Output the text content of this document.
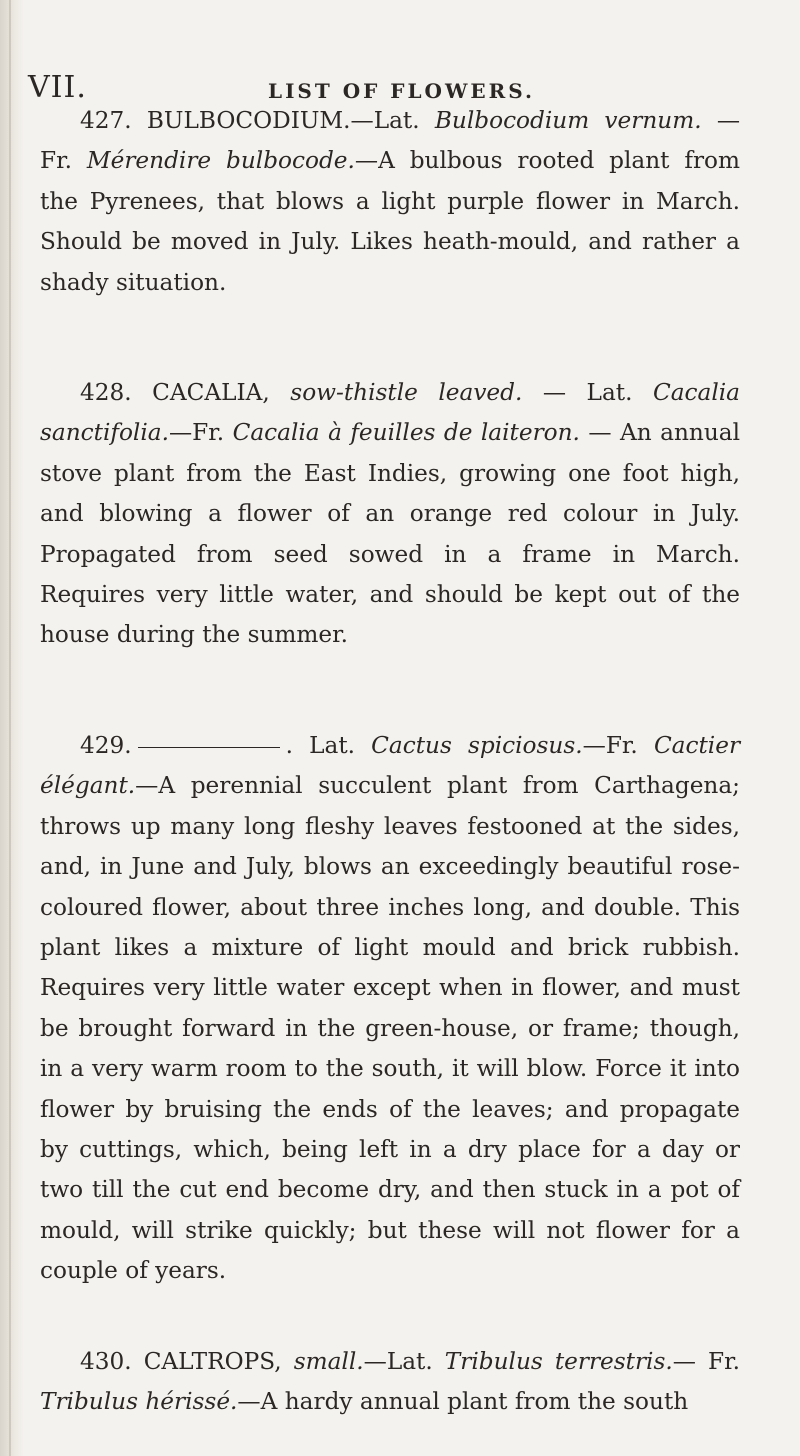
VII.	LIST OF FLOWERS.

427. BULBOCODIUM.—Lat. Bulbocodium vernum. —Fr. Mérendire bulbocode.—A bulbous rooted plant from the Pyrenees, that blows a light purple flower in March. Should be moved in July. Likes heath-mould, and rather a shady situation.

428. CACALIA, sow-thistle leaved. — Lat. Cacalia sanctifolia.—Fr. Cacalia à feuilles de laiteron. — An annual stove plant from the East Indies, growing one foot high, and blowing a flower of an orange red colour in July. Propagated from seed sowed in a frame in March. Requires very little water, and should be kept out of the house during the summer.

429.	. Lat. Cactus spiciosus.—Fr. Cactier élégant.—A perennial succulent plant from Carthagena; throws up many long fleshy leaves festooned at the sides, and, in June and July, blows an exceedingly beautiful rose-coloured flower, about three inches long, and double. This plant likes a mixture of light mould and brick rubbish. Requires very little water except when in flower, and must be brought forward in the green-house, or frame; though, in a very warm room to the south, it will blow. Force it into flower by bruising the ends of the leaves; and propagate by cuttings, which, being left in a dry place for a day or two till the cut end become dry, and then stuck in a pot of mould, will strike quickly; but these will not flower for a couple of years.

430. CALTROPS, small.—Lat. Tribulus terrestris.— Fr. Tribulus hérissé.—A hardy annual plant from the south
